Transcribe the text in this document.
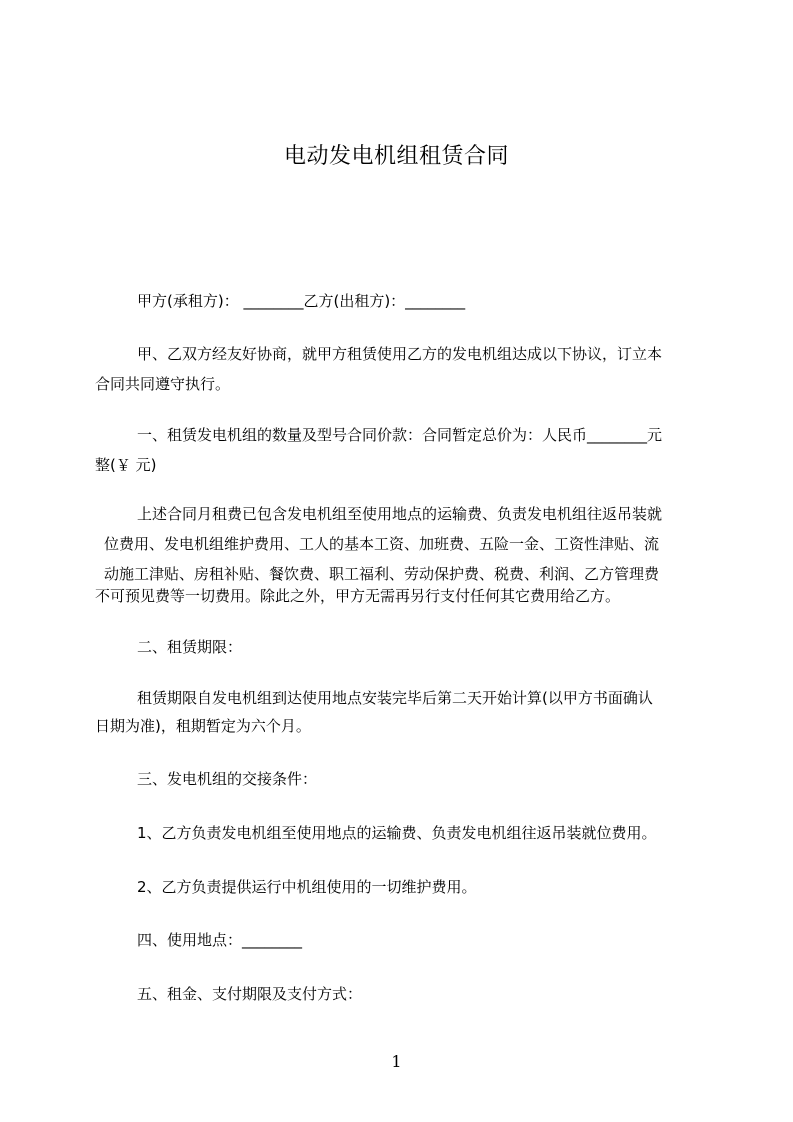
电动发电机组租赁合同

甲方(承租方)： ________乙方(出租方)：________

甲、乙双方经友好协商，就甲方租赁使用乙方的发电机组达成以下协议，订立本

合同共同遵守执行。

一、租赁发电机组的数量及型号合同价款：合同暂定总价为：人民币________元

整(￥ 元)

上述合同月租费已包含发电机组至使用地点的运输费、负责发电机组往返吊装就

位费用、发电机组维护费用、工人的基本工资、加班费、五险一金、工资性津贴、流

动施工津贴、房租补贴、餐饮费、职工福利、劳动保护费、税费、利润、乙方管理费

不可预见费等一切费用。除此之外，甲方无需再另行支付任何其它费用给乙方。

二、租赁期限：

租赁期限自发电机组到达使用地点安装完毕后第二天开始计算(以甲方书面确认

日期为准)，租期暂定为六个月。

三、发电机组的交接条件：

1、乙方负责发电机组至使用地点的运输费、负责发电机组往返吊装就位费用。

2、乙方负责提供运行中机组使用的一切维护费用。

四、使用地点：________

五、租金、支付期限及支付方式：

1
